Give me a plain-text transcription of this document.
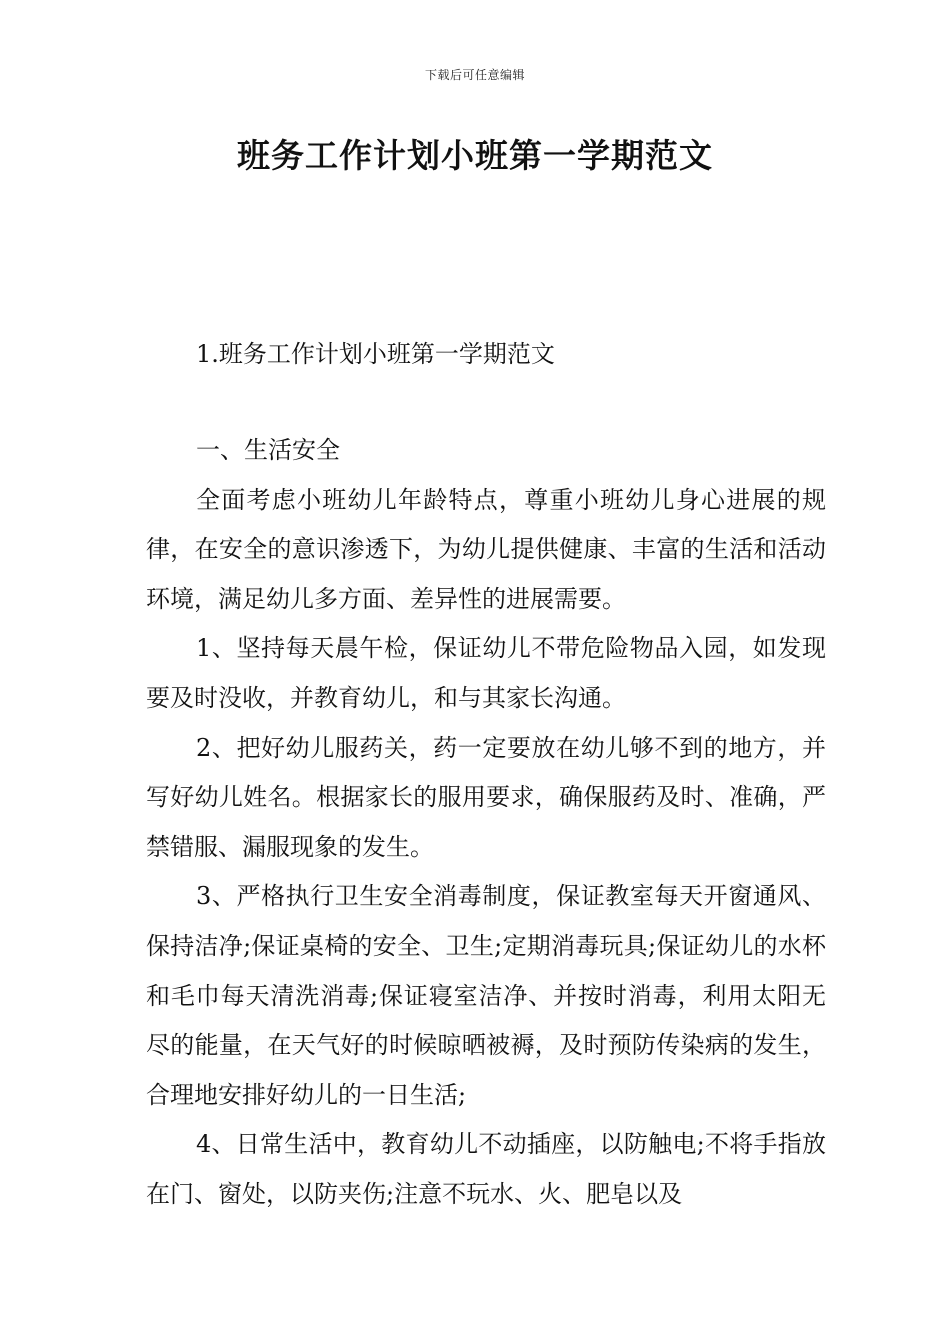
下载后可任意编辑
班务工作计划小班第一学期范文
1.班务工作计划小班第一学期范文

一、生活安全

全面考虑小班幼儿年龄特点，尊重小班幼儿身心进展的规律，在安全的意识渗透下，为幼儿提供健康、丰富的生活和活动环境，满足幼儿多方面、差异性的进展需要。

1、坚持每天晨午检，保证幼儿不带危险物品入园，如发现要及时没收，并教育幼儿，和与其家长沟通。

2、把好幼儿服药关，药一定要放在幼儿够不到的地方，并写好幼儿姓名。根据家长的服用要求，确保服药及时、准确，严禁错服、漏服现象的发生。

3、严格执行卫生安全消毒制度，保证教室每天开窗通风、保持洁净;保证桌椅的安全、卫生;定期消毒玩具;保证幼儿的水杯和毛巾每天清洗消毒;保证寝室洁净、并按时消毒，利用太阳无尽的能量，在天气好的时候晾晒被褥，及时预防传染病的发生，合理地安排好幼儿的一日生活;

4、日常生活中，教育幼儿不动插座，以防触电;不将手指放在门、窗处，以防夹伤;注意不玩水、火、肥皂以及
